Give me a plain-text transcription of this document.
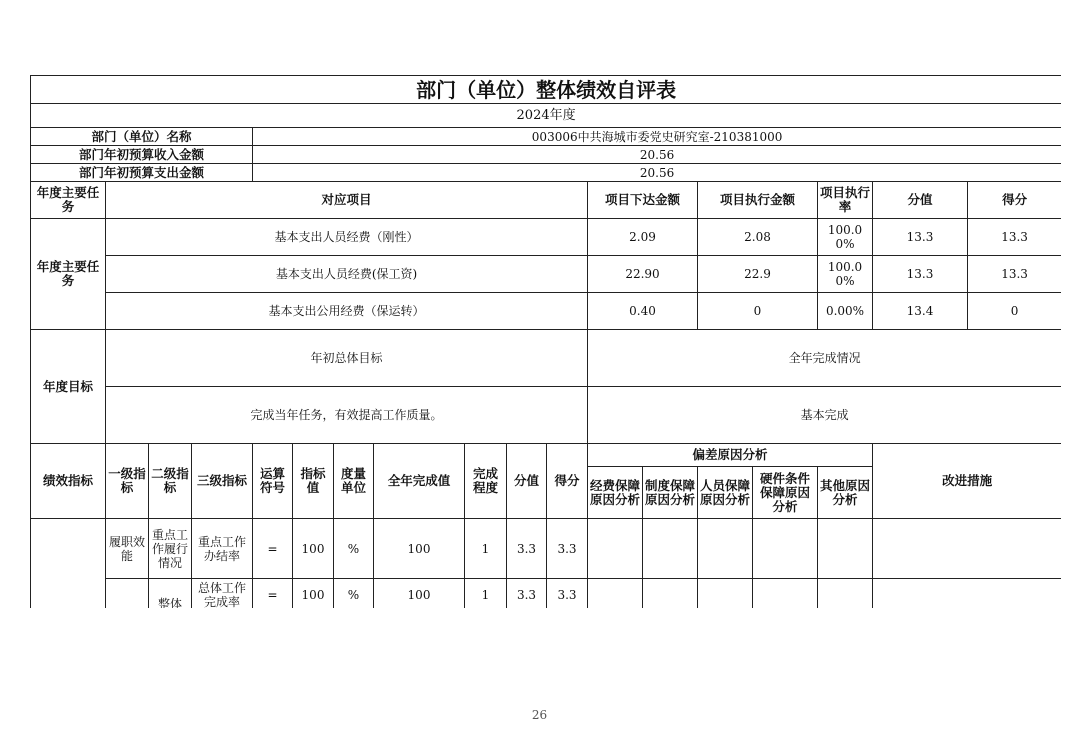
部门（单位）整体绩效自评表																
2024年度																
部门（单位）名称				003006中共海城市委党史研究室-210381000												
部门年初预算收入金额				20.56												
部门年初预算支出金额				20.56												
年度主要任务	对应项目										项目下达金额		项目执行金额		项目执行率	分值 得分

年度主要任务	基本支出人员经费（刚性）										2.09		2.08		100.00%	13.3 13.3

	基本支出人员经费(保工资)										22.90		22.9		100.00%	13.3 13.3

	基本支出公用经费（保运转）										0.40		0		0.00%	13.4 0

年度目标	年初总体目标										全年完成情况					
	完成当年任务，有效提高工作质量。										基本完成					
绩效指标	一级指标	二级指标	三级指标	运算符号	指标值	度量单位	全年完成值	完成程度	分值	得分	偏差原因分析					改进措施
											经费保障原因分析	制度保障原因分析	人员保障原因分析	硬件条件保障原因分析	其他原因分析	
	履职效能	重点工作履行情况	重点工作办结率	=	100	%	100	1	3.3	3.3						
		整体	总体工作完成率	=	100	%	100	1	3.3	3.3						
26
